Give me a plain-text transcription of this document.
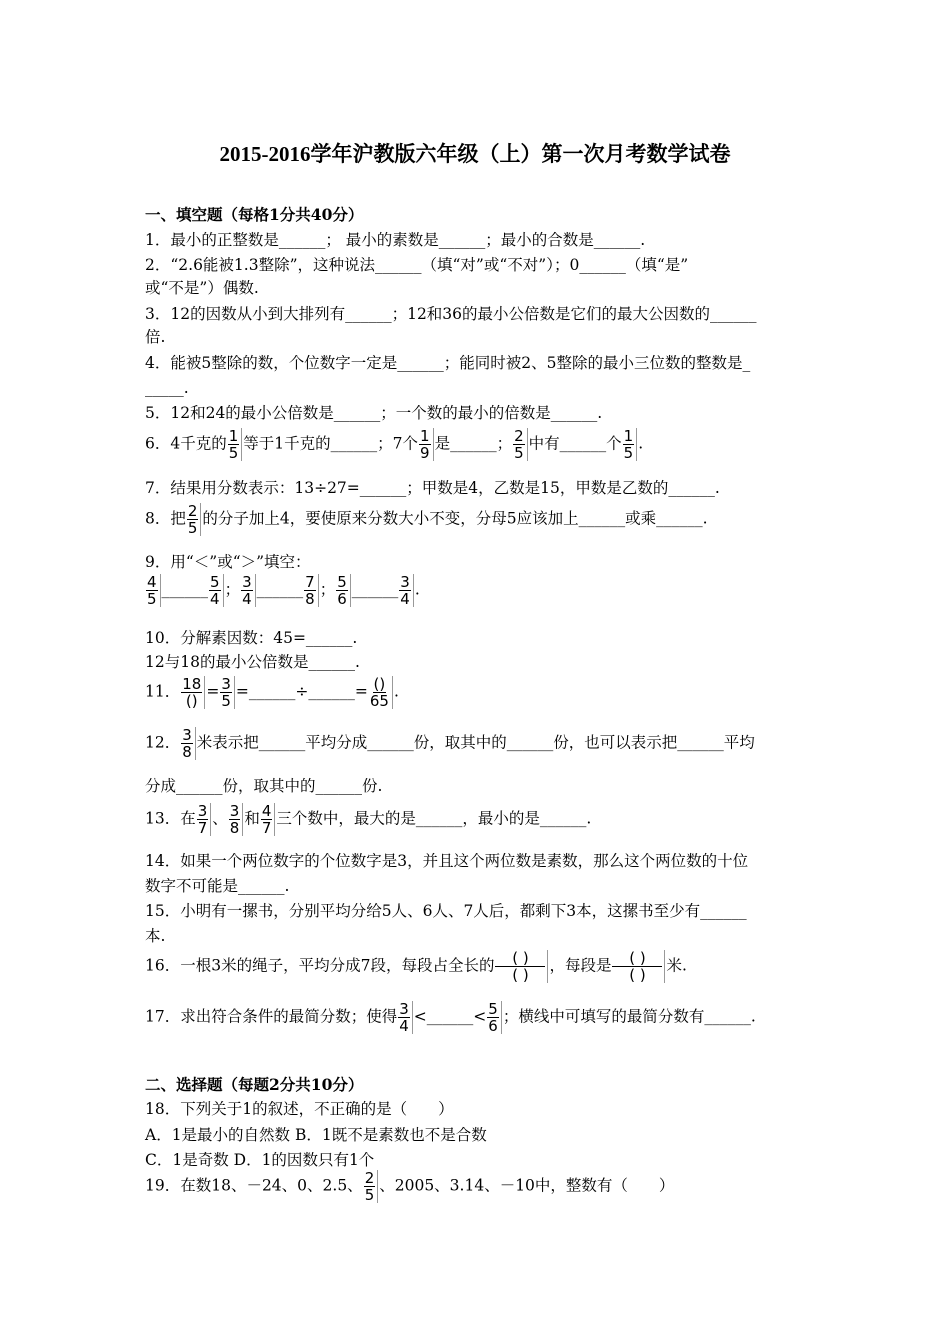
2015-2016学年沪教版六年级（上）第一次月考数学试卷
一、填空题（每格1分共40分）
1．最小的正整数是______； 最小的素数是______；最小的合数是______.
2．“2.6能被1.3整除”，这种说法______（填“对”或“不对”）；0______（填“是”
或“不是”）偶数.
3．12的因数从小到大排列有______；12和36的最小公倍数是它们的最大公因数的______
倍.
4．能被5整除的数，个位数字一定是______；能同时被2、5整除的最小三位数的整数是_
_____.
5．12和24的最小公倍数是______；一个数的最小的倍数是______.
6．4千克的 $\frac{1}{5}$ 等于1千克的______；7个 $\frac{1}{9}$ 是______； $\frac{2}{5}$ 中有______个 $\frac{1}{5}$ .
7．结果用分数表示：13÷27=______；甲数是4，乙数是15，甲数是乙数的______.
8．把 $\frac{2}{5}$ 的分子加上4，要使原来分数大小不变，分母5应该加上______或乘______.
9．用“＜”或“＞”填空：
$\frac{4}{5}$ ______ $\frac{5}{4}$ ； $\frac{3}{4}$ ______ $\frac{7}{8}$ ； $\frac{5}{6}$ ______ $\frac{3}{4}$ .
10．分解素因数：45=______.
12与18的最小公倍数是______.
11． $\frac{18}{()} = \frac{3}{5}$ =______÷______= $\frac{()}{65}$ .
12． $\frac{3}{8}$ 米表示把______平均分成______份，取其中的______份，也可以表示把______平均
分成______份，取其中的______份.
13．在 $\frac{3}{7}$ 、 $\frac{3}{8}$ 和 $\frac{4}{7}$ 三个数中，最大的是______，最小的是______.
14．如果一个两位数字的个位数字是3，并且这个两位数是素数，那么这个两位数的十位
数字不可能是______.
15．小明有一摞书，分别平均分给5人、6人、7人后，都剩下3本，这摞书至少有______
本.
16．一根3米的绳子，平均分成7段，每段占全长的 $\frac{( )}{( )}$ ，每段是 $\frac{( )}{( )}$ 米.
17．求出符合条件的最简分数；使得 $\frac{3}{4}$ <______< $\frac{5}{6}$ ；横线中可填写的最简分数有______.
二、选择题（每题2分共10分）
18．下列关于1的叙述，不正确的是（　　）
A．1是最小的自然数 B．1既不是素数也不是合数
C．1是奇数 D．1的因数只有1个
19．在数18、－24、0、2.5、 $\frac{2}{5}$ 、2005、3.14、－10中，整数有（　　）
